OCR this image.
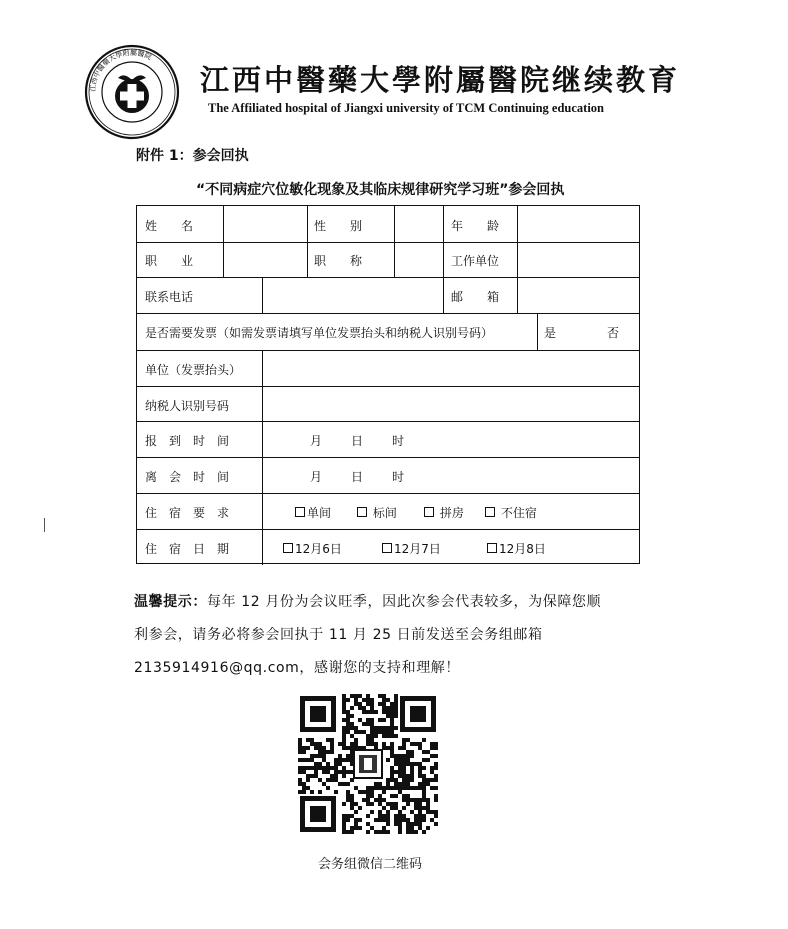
江西中醫藥大學附屬醫院
江西中醫藥大學附屬醫院继续教育
The Affiliated hospital of Jiangxi university of TCM Continuing education
附件 1：参会回执
“不同病症穴位敏化现象及其临床规律研究学习班”参会回执
姓　　名	性　　别	年　　龄
职　　业	职　　称	工作单位
联系电话	邮　　箱
是否需要发票（如需发票请填写单位发票抬头和纳税人识别号码）	是	否
单位（发票抬头）
纳税人识别号码
报　到　时　间	月 日 时
离　会　时　间	月 日 时
住　宿　要　求	单间	标间	拼房	不住宿
住　宿　日　期	12月6日	12月7日	12月8日
温馨提示：每年 12 月份为会议旺季，因此次参会代表较多，为保障您顺
利参会，请务必将参会回执于 11 月 25 日前发送至会务组邮箱
2135914916@qq.com，感谢您的支持和理解！
会务组微信二维码
